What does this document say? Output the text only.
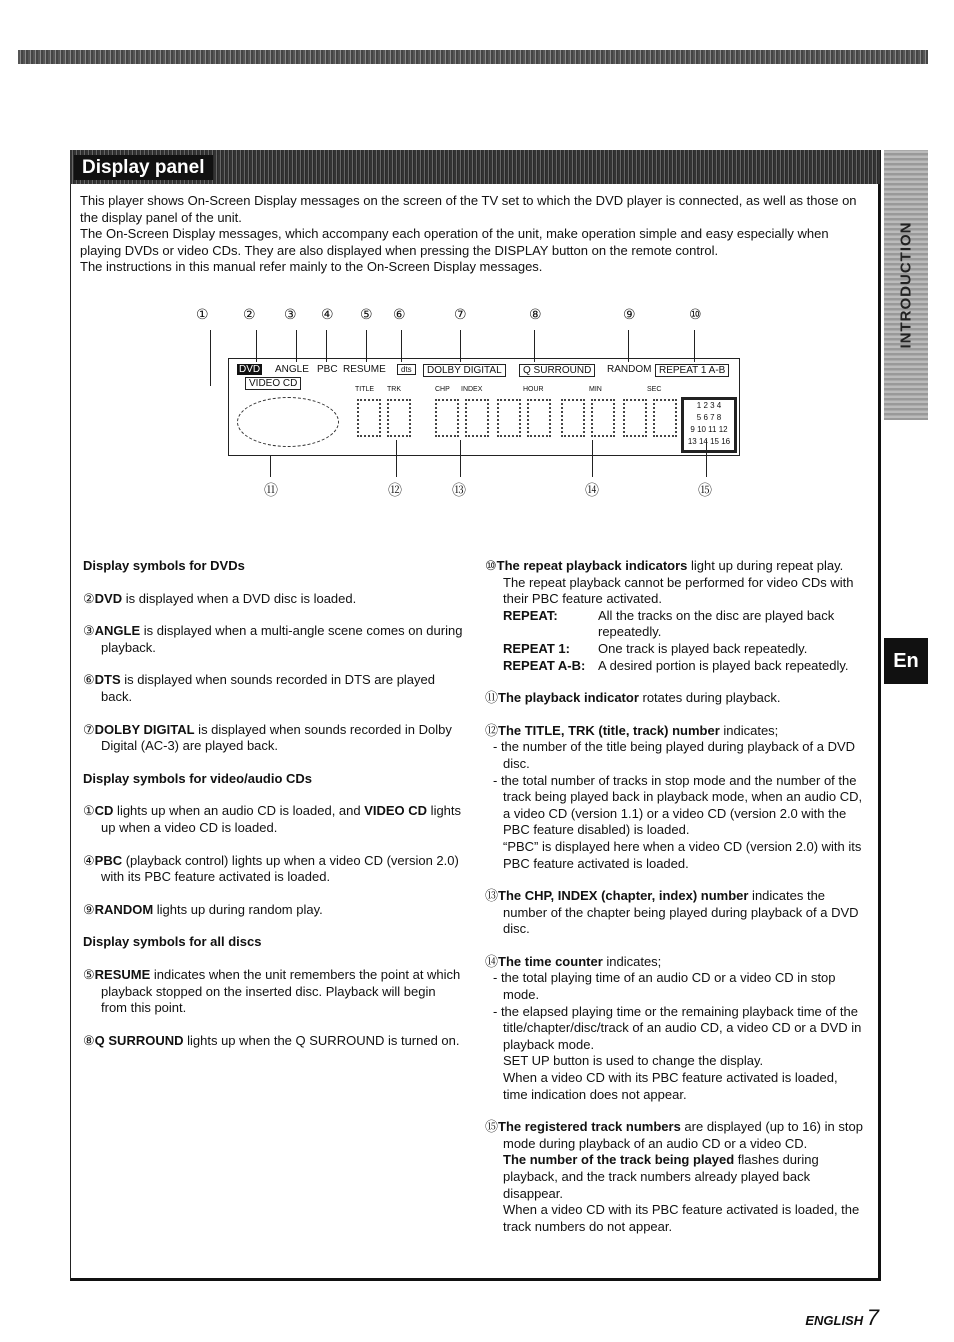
Display panel
INTRODUCTION
En

This player shows On-Screen Display messages on the screen of the TV set to which the DVD player is connected, as well as those on the display panel of the unit.

The On-Screen Display messages, which accompany each operation of the unit, make operation simple and easy especially when playing DVDs or video CDs. They are also displayed when pressing the DISPLAY button on the remote control.

The instructions in this manual refer mainly to the On-Screen Display messages.

① ② ③ ④ ⑤ ⑥	⑦	⑧	⑨	⑩
DVD ANGLE PBC RESUME	dts	DOLBY DIGITAL	Q SURROUND	RANDOM REPEAT 1 A-B
VIDEO CD
TITLE TRK	CHP INDEX	HOUR	MIN	SEC
1 2 3 4
5 6 7 8
9 10 11 12
13 14 15 16
⑪	⑫	⑬	⑭	⑮
Display symbols for DVDs

②DVD is displayed when a DVD disc is loaded.

③ANGLE is displayed when a multi-angle scene comes on during playback.

⑥DTS is displayed when sounds recorded in DTS are played back.

⑦DOLBY DIGITAL is displayed when sounds recorded in Dolby Digital (AC-3) are played back.

Display symbols for video/audio CDs

①CD lights up when an audio CD is loaded, and VIDEO CD lights up when a video CD is loaded.

④PBC (playback control) lights up when a video CD (version 2.0) with its PBC feature activated is loaded.

⑨RANDOM lights up during random play.

Display symbols for all discs

⑤RESUME indicates when the unit remembers the point at which playback stopped on the inserted disc. Playback will begin from this point.

⑧Q SURROUND lights up when the Q SURROUND is turned on.

⑩The repeat playback indicators light up during repeat play.
The repeat playback cannot be performed for video CDs with their PBC feature activated.
REPEAT:	All the tracks on the disc are played back repeatedly.
REPEAT 1:	One track is played back repeatedly.
REPEAT A-B: A desired portion is played back repeatedly.

⑪The playback indicator rotates during playback.

⑫The TITLE, TRK (title, track) number indicates;
- the number of the title being played during playback of a DVD disc.
- the total number of tracks in stop mode and the number of the track being played back in playback mode, when an audio CD, a video CD (version 1.1) or a video CD (version 2.0 with the PBC feature disabled) is loaded.
“PBC” is displayed here when a video CD (version 2.0) with its PBC feature activated is loaded.

⑬The CHP, INDEX (chapter, index) number indicates the number of the chapter being played during playback of a DVD disc.

⑭The time counter indicates;
- the total playing time of an audio CD or a video CD in stop mode.
- the elapsed playing time or the remaining playback time of the title/chapter/disc/track of an audio CD, a video CD or a DVD in playback mode.
SET UP button is used to change the display.
When a video CD with its PBC feature activated is loaded, time indication does not appear.
⑮The registered track numbers are displayed (up to 16) in stop mode during playback of an audio CD or a video CD.
The number of the track being played flashes during playback, and the track numbers already played back disappear.
When a video CD with its PBC feature activated is loaded, the track numbers do not appear.
ENGLISH 7
